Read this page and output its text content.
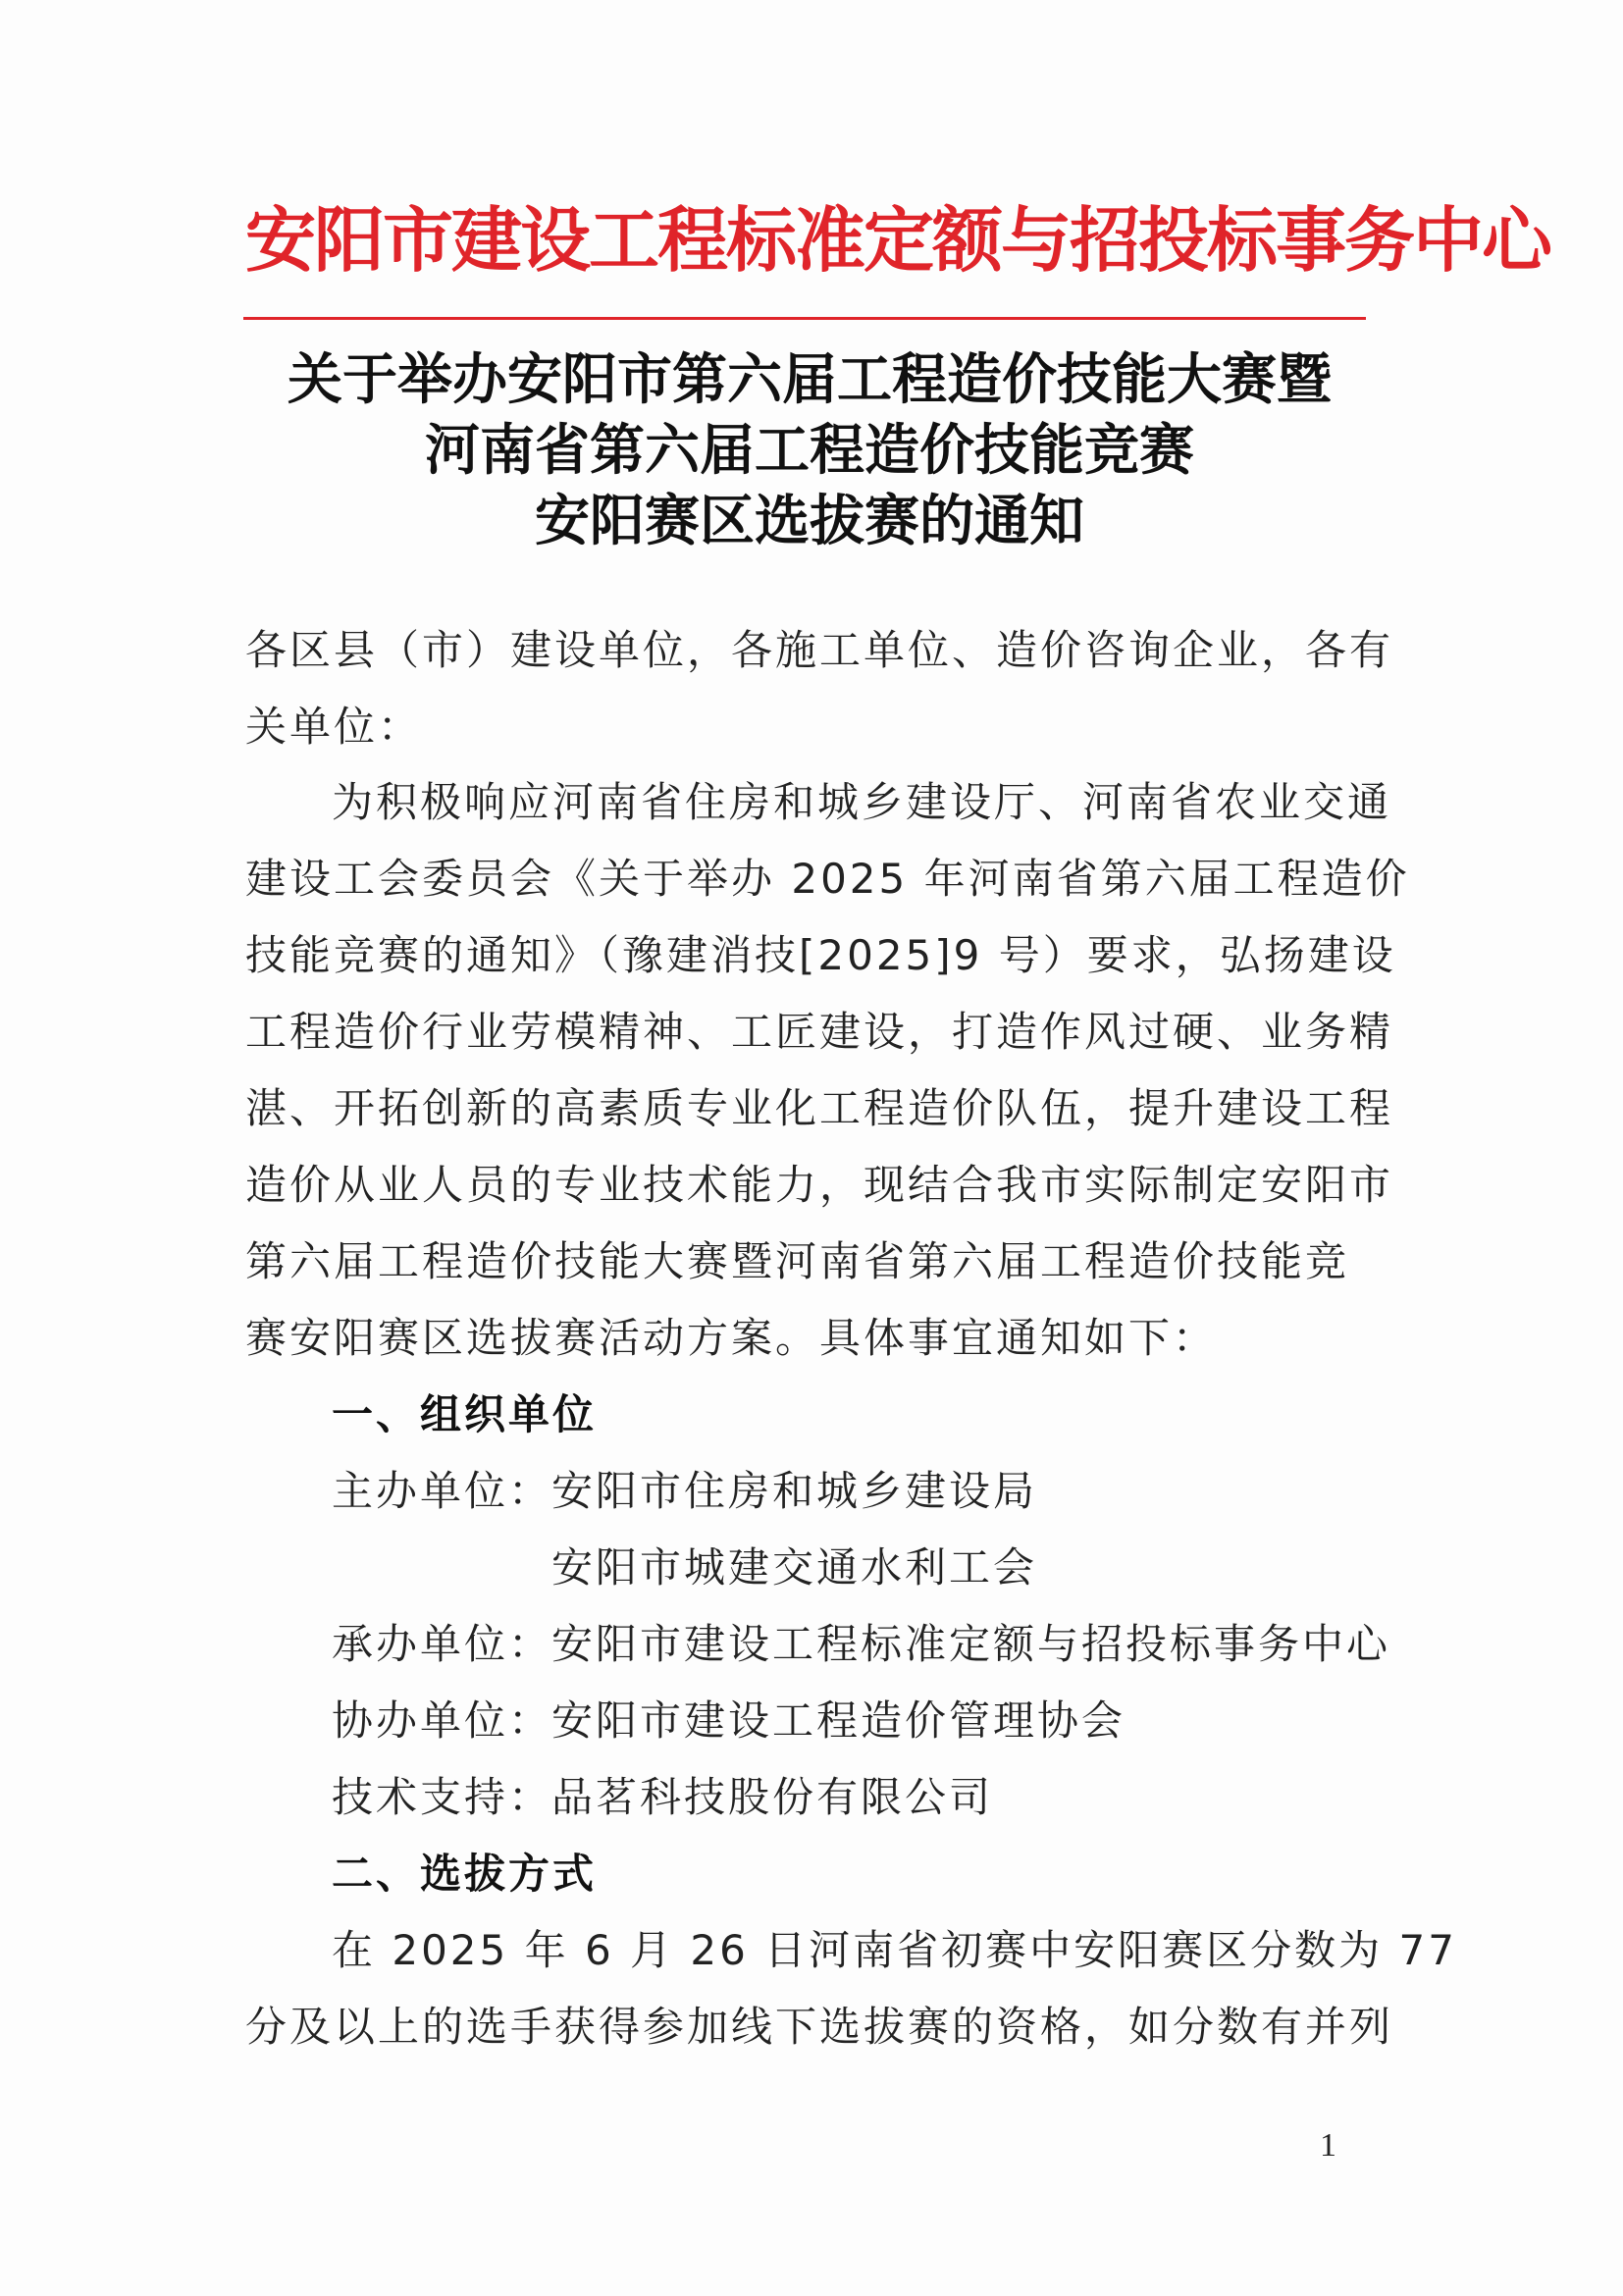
安阳市建设工程标准定额与招投标事务中心
关于举办安阳市第六届工程造价技能大赛暨
河南省第六届工程造价技能竞赛
安阳赛区选拔赛的通知
各区县（市）建设单位，各施工单位、造价咨询企业，各有
关单位：
为积极响应河南省住房和城乡建设厅、河南省农业交通
建设工会委员会《关于举办 2025 年河南省第六届工程造价
技能竞赛的通知》（豫建消技[2025]9 号）要求，弘扬建设
工程造价行业劳模精神、工匠建设，打造作风过硬、业务精
湛、开拓创新的高素质专业化工程造价队伍，提升建设工程
造价从业人员的专业技术能力，现结合我市实际制定安阳市
第六届工程造价技能大赛暨河南省第六届工程造价技能竞
赛安阳赛区选拔赛活动方案。具体事宜通知如下：
一、组织单位
主办单位：
安阳市住房和城乡建设局
安阳市城建交通水利工会
承办单位：
安阳市建设工程标准定额与招投标事务中心
协办单位：
安阳市建设工程造价管理协会
技术支持：
品茗科技股份有限公司
二、选拔方式
在 2025 年 6 月 26 日河南省初赛中安阳赛区分数为 77
分及以上的选手获得参加线下选拔赛的资格，如分数有并列
1
